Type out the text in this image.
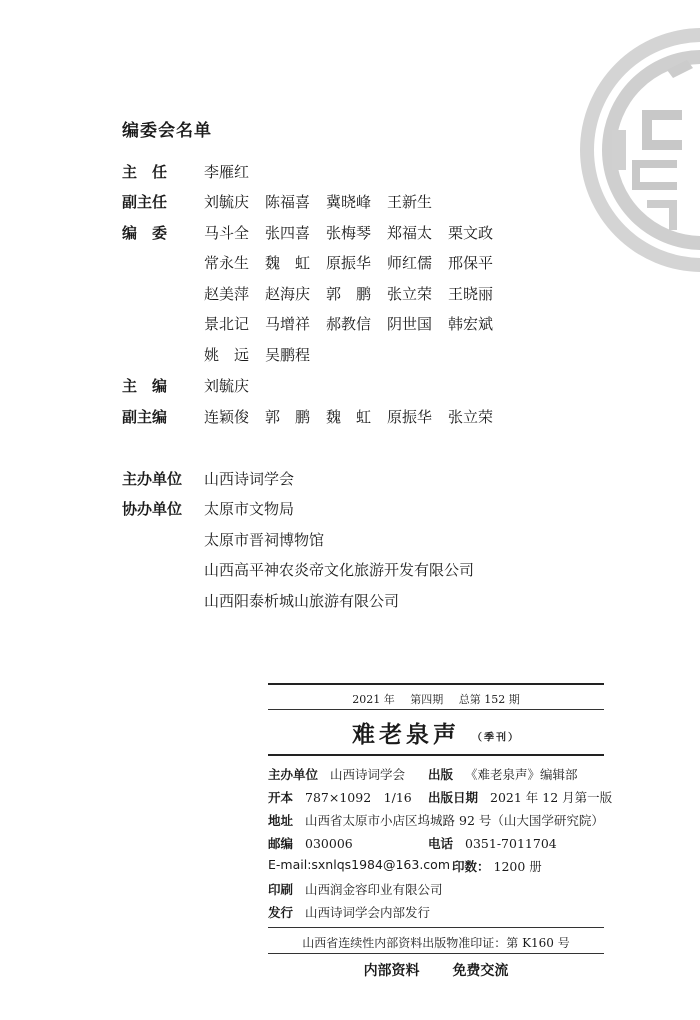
编委会名单
主　任	李雁红
副主任	刘毓庆 陈福喜 冀晓峰 王新生
编　委	马斗全 张四喜 张梅琴 郑福太 栗文政
常永生 魏　虹 原振华 师红儒 邢保平
赵美萍 赵海庆 郭　鹏 张立荣 王晓丽
景北记 马增祥 郝教信 阴世国 韩宏斌
姚　远 吴鹏程
主　编	刘毓庆
副主编	连颖俊 郭　鹏 魏　虹 原振华 张立荣
主办单位	山西诗词学会
协办单位	太原市文物局
太原市晋祠博物馆
山西高平神农炎帝文化旅游开发有限公司
山西阳泰析城山旅游有限公司
2021 年 第四期 总第 152 期
难老泉声 （季刊）
主办单位 山西诗词学会 出版 《难老泉声》编辑部
开本 787×1092　1/16 出版日期 2021 年 12 月第一版
地址 山西省太原市小店区坞城路 92 号（山大国学研究院）
邮编 030006	电话 0351-7011704
E-mail:sxnlqs1984@163.com 印数： 1200 册
印刷 山西润金容印业有限公司
发行 山西诗词学会内部发行
山西省连续性内部资料出版物准印证：第 K160 号
内部资料 免费交流
